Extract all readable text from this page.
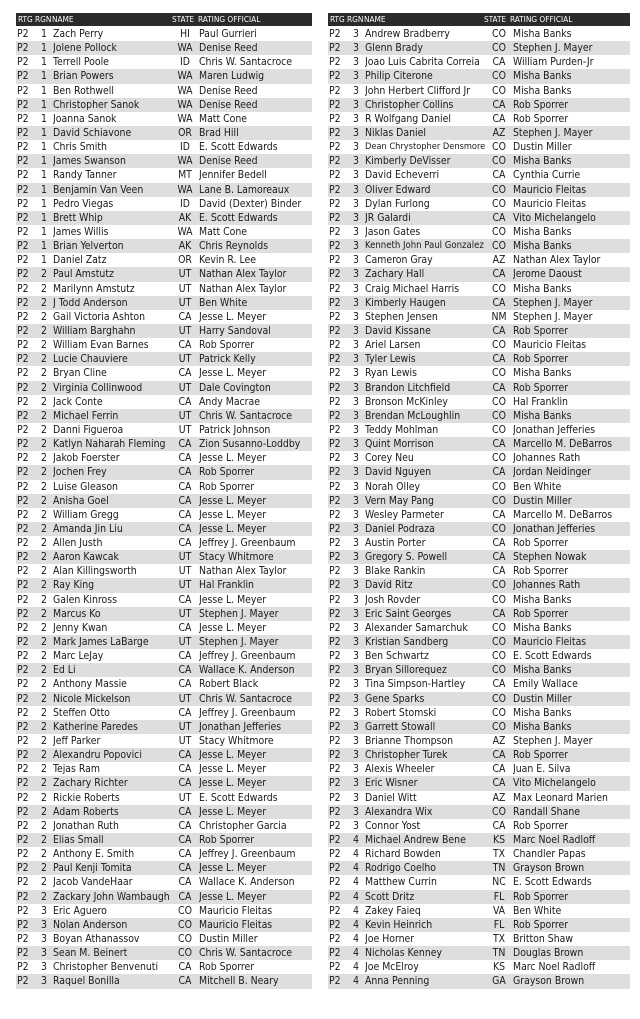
RTG RGN NAME	STATE RATING OFFICIAL
P2	1 Zach Perry	HI Paul Gurrieri
P2	1 Jolene Pollock	WA Denise Reed
P2	1 Terrell Poole	ID Chris W. Santacroce
P2	1 Brian Powers	WA Maren Ludwig
P2	1 Ben Rothwell	WA Denise Reed
P2	1 Christopher Sanok	WA Denise Reed
P2	1 Joanna Sanok	WA Matt Cone
P2	1 David Schiavone	OR Brad Hill
P2	1 Chris Smith	ID E. Scott Edwards
P2	1 James Swanson	WA Denise Reed
P2	1 Randy Tanner	MT Jennifer Bedell
P2	1 Benjamin Van Veen	WA Lane B. Lamoreaux
P2	1 Pedro Viegas	ID David (Dexter) Binder
P2	1 Brett Whip	AK E. Scott Edwards
P2	1 James Willis	WA Matt Cone
P2	1 Brian Yelverton	AK Chris Reynolds
P2	1 Daniel Zatz	OR Kevin R. Lee
P2	2 Paul Amstutz	UT Nathan Alex Taylor
P2	2 Marilynn Amstutz	UT Nathan Alex Taylor
P2	2 J Todd Anderson	UT Ben White
P2	2 Gail Victoria Ashton	CA Jesse L. Meyer
P2	2 William Barghahn	UT Harry Sandoval
P2	2 William Evan Barnes	CA Rob Sporrer
P2	2 Lucie Chauviere	UT Patrick Kelly
P2	2 Bryan Cline	CA Jesse L. Meyer
P2	2 Virginia Collinwood	UT Dale Covington
P2	2 Jack Conte	CA Andy Macrae
P2	2 Michael Ferrin	UT Chris W. Santacroce
P2	2 Danni Figueroa	UT Patrick Johnson
P2	2 Katlyn Naharah Fleming	CA Zion Susanno-Loddby
P2	2 Jakob Foerster	CA Jesse L. Meyer
P2	2 Jochen Frey	CA Rob Sporrer
P2	2 Luise Gleason	CA Rob Sporrer
P2	2 Anisha Goel	CA Jesse L. Meyer
P2	2 William Gregg	CA Jesse L. Meyer
P2	2 Amanda Jin Liu	CA Jesse L. Meyer
P2	2 Allen Justh	CA Jeffrey J. Greenbaum
P2	2 Aaron Kawcak	UT Stacy Whitmore
P2	2 Alan Killingsworth	UT Nathan Alex Taylor
P2	2 Ray King	UT Hal Franklin
P2	2 Galen Kinross	CA Jesse L. Meyer
P2	2 Marcus Ko	UT Stephen J. Mayer
P2	2 Jenny Kwan	CA Jesse L. Meyer
P2	2 Mark James LaBarge	UT Stephen J. Mayer
P2	2 Marc LeJay	CA Jeffrey J. Greenbaum
P2	2 Ed Li	CA Wallace K. Anderson
P2	2 Anthony Massie	CA Robert Black
P2	2 Nicole Mickelson	UT Chris W. Santacroce
P2	2 Steffen Otto	CA Jeffrey J. Greenbaum
P2	2 Katherine Paredes	UT Jonathan Jefferies
P2	2 Jeff Parker	UT Stacy Whitmore
P2	2 Alexandru Popovici	CA Jesse L. Meyer
P2	2 Tejas Ram	CA Jesse L. Meyer
P2	2 Zachary Richter	CA Jesse L. Meyer
P2	2 Rickie Roberts	UT E. Scott Edwards
P2	2 Adam Roberts	CA Jesse L. Meyer
P2	2 Jonathan Ruth	CA Christopher Garcia
P2	2 Elias Small	CA Rob Sporrer
P2	2 Anthony E. Smith	CA Jeffrey J. Greenbaum
P2	2 Paul Kenji Tomita	CA Jesse L. Meyer
P2	2 Jacob VandeHaar	CA Wallace K. Anderson
P2	2 Zackary John Wambaugh CA Jesse L. Meyer
P2	3 Eric Aguero	CO Mauricio Fleitas
P2	3 Nolan Anderson	CO Mauricio Fleitas
P2	3 Boyan Athanassov	CO Dustin Miller
P2	3 Sean M. Beinert	CO Chris W. Santacroce
P2	3 Christopher Benvenuti	CA Rob Sporrer
P2	3 Raquel Bonilla	CA Mitchell B. Neary
RTG RGN NAME	STATE RATING OFFICIAL
P2	3 Andrew Bradberry	CO Misha Banks
P2	3 Glenn Brady	CO Stephen J. Mayer
P2	3 Joao Luis Cabrita Correia	CA William Purden-Jr
P2	3 Philip Citerone	CO Misha Banks
P2	3 John Herbert Clifford Jr	CO Misha Banks
P2	3 Christopher Collins	CA Rob Sporrer
P2	3 R Wolfgang Daniel	CA Rob Sporrer
P2	3 Niklas Daniel	AZ Stephen J. Mayer
P2	3 Dean Chrystopher Densmore CO Dustin Miller
P2	3 Kimberly DeVisser	CO Misha Banks
P2	3 David Echeverri	CA Cynthia Currie
P2	3 Oliver Edward	CO Mauricio Fleitas
P2	3 Dylan Furlong	CO Mauricio Fleitas
P2	3 JR Galardi	CA Vito Michelangelo
P2	3 Jason Gates	CO Misha Banks
P2	3 Kenneth John Paul Gonzalez CO Misha Banks
P2	3 Cameron Gray	AZ Nathan Alex Taylor
P2	3 Zachary Hall	CA Jerome Daoust
P2	3 Craig Michael Harris	CO Misha Banks
P2	3 Kimberly Haugen	CA Stephen J. Mayer
P2	3 Stephen Jensen	NM Stephen J. Mayer
P2	3 David Kissane	CA Rob Sporrer
P2	3 Ariel Larsen	CO Mauricio Fleitas
P2	3 Tyler Lewis	CA Rob Sporrer
P2	3 Ryan Lewis	CO Misha Banks
P2	3 Brandon Litchfield	CA Rob Sporrer
P2	3 Bronson McKinley	CO Hal Franklin
P2	3 Brendan McLoughlin	CO Misha Banks
P2	3 Teddy Mohlman	CO Jonathan Jefferies
P2	3 Quint Morrison	CA Marcello M. DeBarros
P2	3 Corey Neu	CO Johannes Rath
P2	3 David Nguyen	CA Jordan Neidinger
P2	3 Norah Olley	CO Ben White
P2	3 Vern May Pang	CO Dustin Miller
P2	3 Wesley Parmeter	CA Marcello M. DeBarros
P2	3 Daniel Podraza	CO Jonathan Jefferies
P2	3 Austin Porter	CA Rob Sporrer
P2	3 Gregory S. Powell	CA Stephen Nowak
P2	3 Blake Rankin	CA Rob Sporrer
P2	3 David Ritz	CO Johannes Rath
P2	3 Josh Rovder	CO Misha Banks
P2	3 Eric Saint Georges	CA Rob Sporrer
P2	3 Alexander Samarchuk	CO Misha Banks
P2	3 Kristian Sandberg	CO Mauricio Fleitas
P2	3 Ben Schwartz	CO E. Scott Edwards
P2	3 Bryan Sillorequez	CO Misha Banks
P2	3 Tina Simpson-Hartley	CA Emily Wallace
P2	3 Gene Sparks	CO Dustin Miller
P2	3 Robert Stomski	CO Misha Banks
P2	3 Garrett Stowall	CO Misha Banks
P2	3 Brianne Thompson	AZ Stephen J. Mayer
P2	3 Christopher Turek	CA Rob Sporrer
P2	3 Alexis Wheeler	CA Juan E. Silva
P2	3 Eric Wisner	CA Vito Michelangelo
P2	3 Daniel Witt	AZ Max Leonard Marien
P2	3 Alexandra Wix	CO Randall Shane
P2	3 Connor Yost	CA Rob Sporrer
P2	4 Michael Andrew Bene	KS Marc Noel Radloff
P2	4 Richard Bowden	TX Chandler Papas
P2	4 Rodrigo Coelho	TN Grayson Brown
P2	4 Matthew Currin	NC E. Scott Edwards
P2	4 Scott Dritz	FL Rob Sporrer
P2	4 Zakey Faieq	VA Ben White
P2	4 Kevin Heinrich	FL Rob Sporrer
P2	4 Joe Horner	TX Britton Shaw
P2	4 Nicholas Kenney	TN Douglas Brown
P2	4 Joe McElroy	KS Marc Noel Radloff
P2	4 Anna Penning	GA Grayson Brown
